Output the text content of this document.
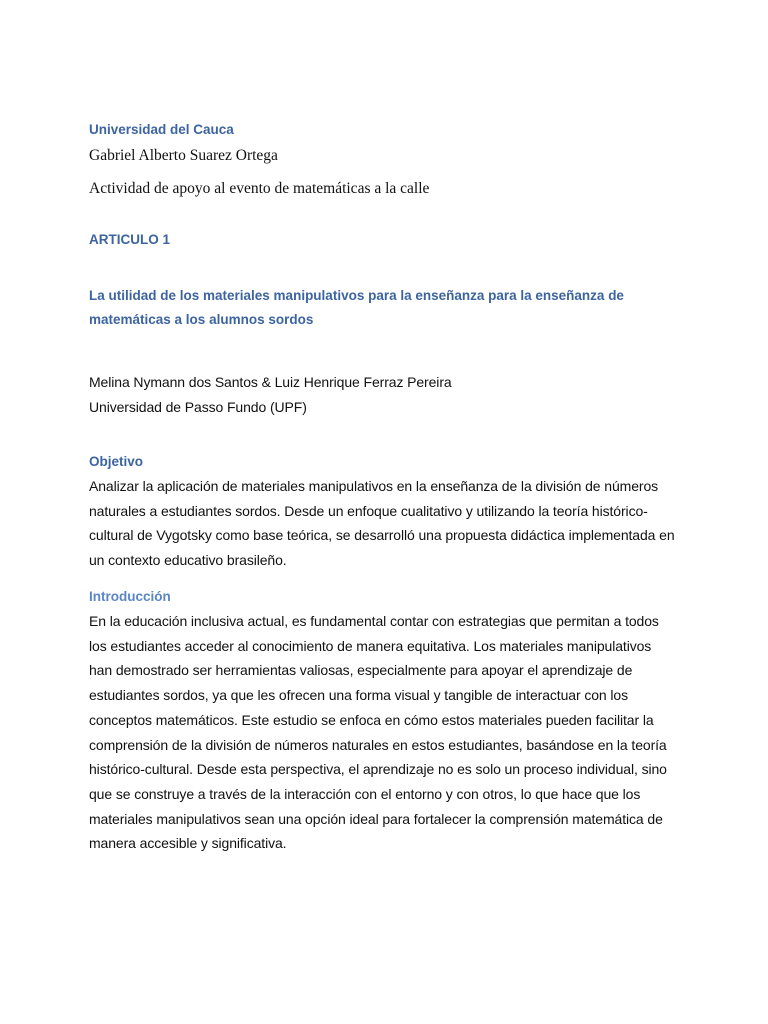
Universidad del Cauca

Gabriel Alberto Suarez Ortega

Actividad de apoyo al evento de matemáticas a la calle

ARTICULO 1

La utilidad de los materiales manipulativos para la enseñanza para la enseñanza de

matemáticas a los alumnos sordos

Melina Nymann dos Santos & Luiz Henrique Ferraz Pereira

Universidad de Passo Fundo (UPF)

Objetivo

Analizar la aplicación de materiales manipulativos en la enseñanza de la división de números

naturales a estudiantes sordos. Desde un enfoque cualitativo y utilizando la teoría histórico-

cultural de Vygotsky como base teórica, se desarrolló una propuesta didáctica implementada en

un contexto educativo brasileño.

Introducción

En la educación inclusiva actual, es fundamental contar con estrategias que permitan a todos

los estudiantes acceder al conocimiento de manera equitativa. Los materiales manipulativos

han demostrado ser herramientas valiosas, especialmente para apoyar el aprendizaje de

estudiantes sordos, ya que les ofrecen una forma visual y tangible de interactuar con los

conceptos matemáticos. Este estudio se enfoca en cómo estos materiales pueden facilitar la

comprensión de la división de números naturales en estos estudiantes, basándose en la teoría

histórico-cultural. Desde esta perspectiva, el aprendizaje no es solo un proceso individual, sino

que se construye a través de la interacción con el entorno y con otros, lo que hace que los

materiales manipulativos sean una opción ideal para fortalecer la comprensión matemática de

manera accesible y significativa.
